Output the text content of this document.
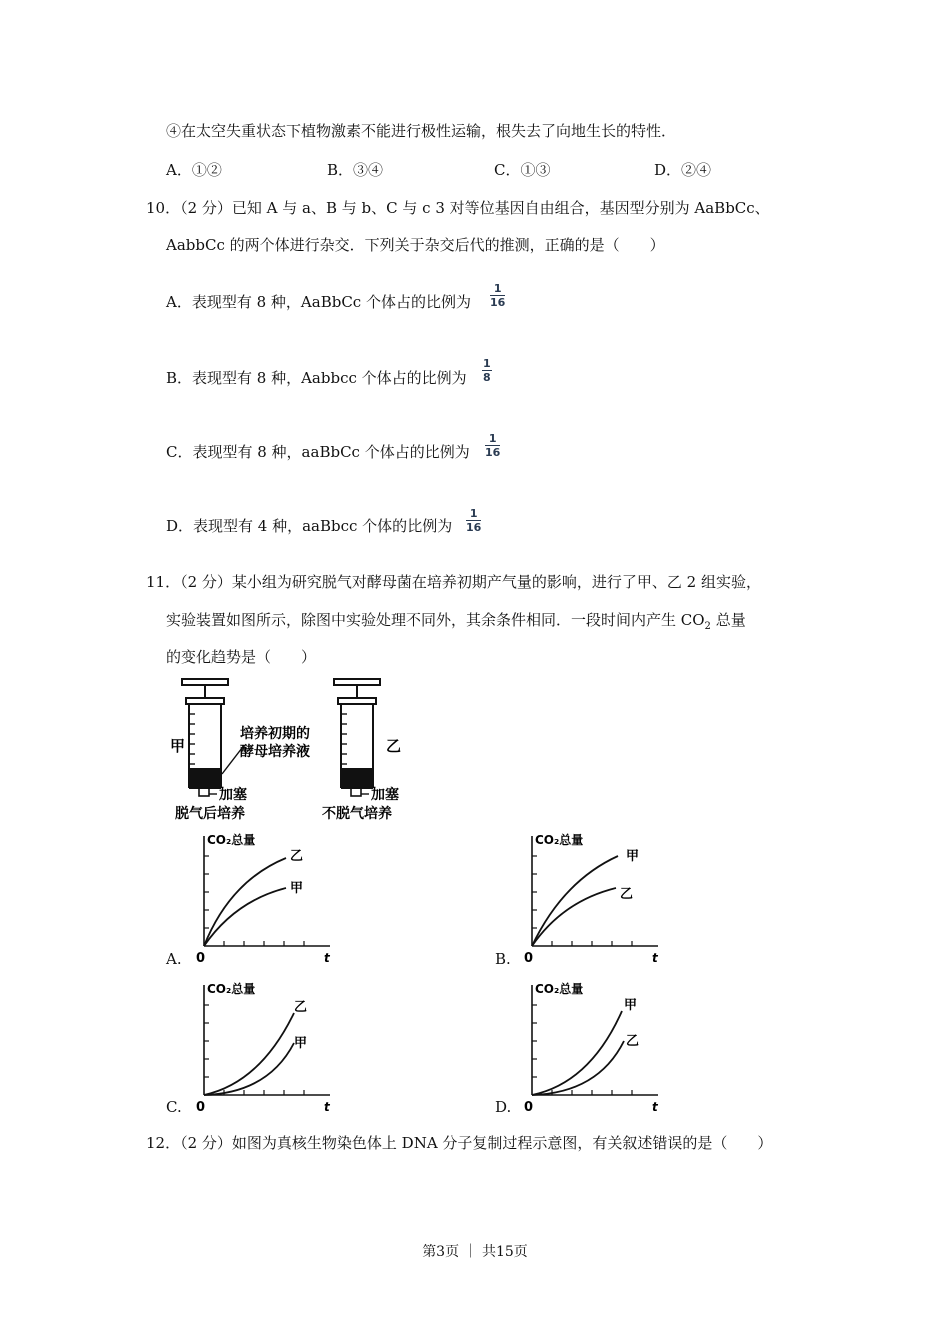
④在太空失重状态下植物激素不能进行极性运输，根失去了向地生长的特性．
A．①②	B．③④	C．①③	D．②④
10．（2 分）已知 A 与 a、B 与 b、C 与 c 3 对等位基因自由组合，基因型分别为 AaBbCc、
AabbCc 的两个体进行杂交．下列关于杂交后代的推测，正确的是（　　）
A．表现型有 8 种，AaBbCc 个体占的比例为 $\frac{1}{16}$
B．表现型有 8 种，Aabbcc 个体占的比例为 $\frac{1}{8}$
C．表现型有 8 种，aaBbCc 个体占的比例为 $\frac{1}{16}$
D．表现型有 4 种，aaBbcc 个体的比例为 $\frac{1}{16}$
11．（2 分）某小组为研究脱气对酵母菌在培养初期产气量的影响，进行了甲、乙 2 组实验，
实验装置如图所示，除图中实验处理不同外，其余条件相同．一段时间内产生 $CO_2$ 总量
的变化趋势是（　　）
甲
加塞
脱气后培养
培养初期的
酵母培养液	乙
加塞
不脱气培养
A.
CO₂总量
乙
甲
0	t	B.
CO₂总量
甲
乙
0	t
C.
CO₂总量
乙
甲
0	t	D.
CO₂总量
甲
乙
0	t
12．（2 分）如图为真核生物染色体上 DNA 分子复制过程示意图，有关叙述错误的是（　　）
第3页 ｜ 共15页
